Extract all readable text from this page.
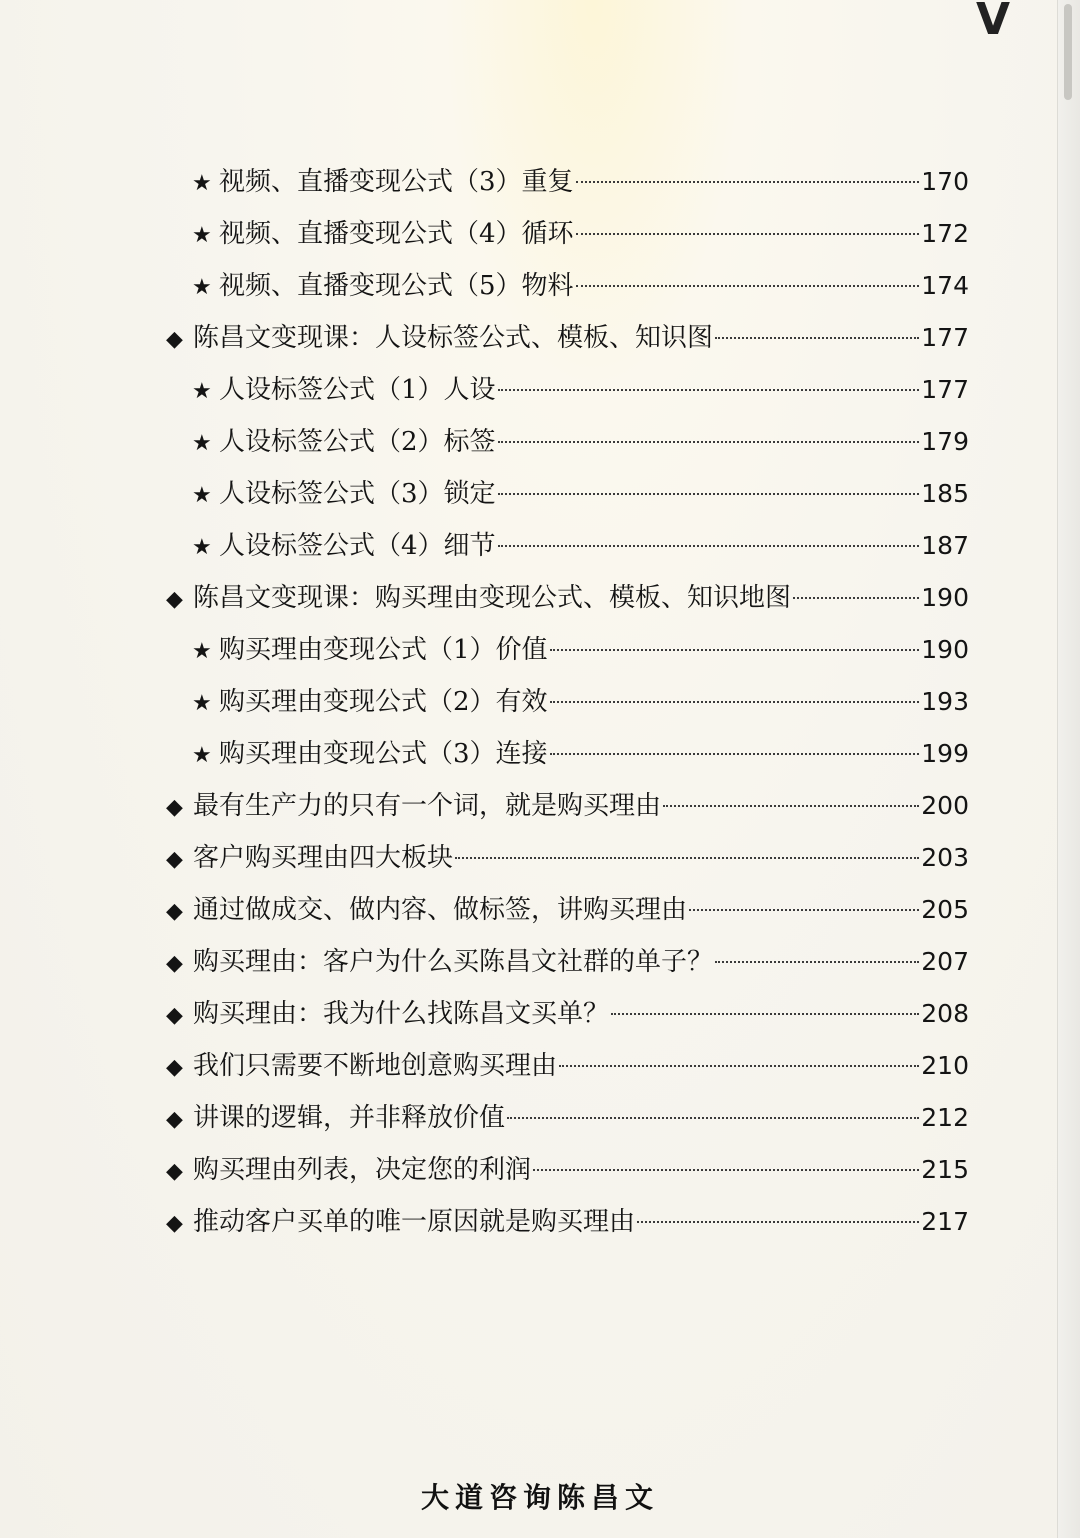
V
★ 视频、直播变现公式（3）重复	170
★ 视频、直播变现公式（4）循环	172
★ 视频、直播变现公式（5）物料	174
◆ 陈昌文变现课：人设标签公式、模板、知识图	177
★ 人设标签公式（1）人设	177
★ 人设标签公式（2）标签	179
★ 人设标签公式（3）锁定	185
★ 人设标签公式（4）细节	187
◆ 陈昌文变现课：购买理由变现公式、模板、知识地图	190
★ 购买理由变现公式（1）价值	190
★ 购买理由变现公式（2）有效	193
★ 购买理由变现公式（3）连接	199
◆ 最有生产力的只有一个词，就是购买理由	200
◆ 客户购买理由四大板块	203
◆ 通过做成交、做内容、做标签，讲购买理由	205
◆ 购买理由：客户为什么买陈昌文社群的单子？	207
◆ 购买理由：我为什么找陈昌文买单？	208
◆ 我们只需要不断地创意购买理由	210
◆ 讲课的逻辑，并非释放价值	212
◆ 购买理由列表，决定您的利润	215
◆ 推动客户买单的唯一原因就是购买理由	217
大道咨询陈昌文
